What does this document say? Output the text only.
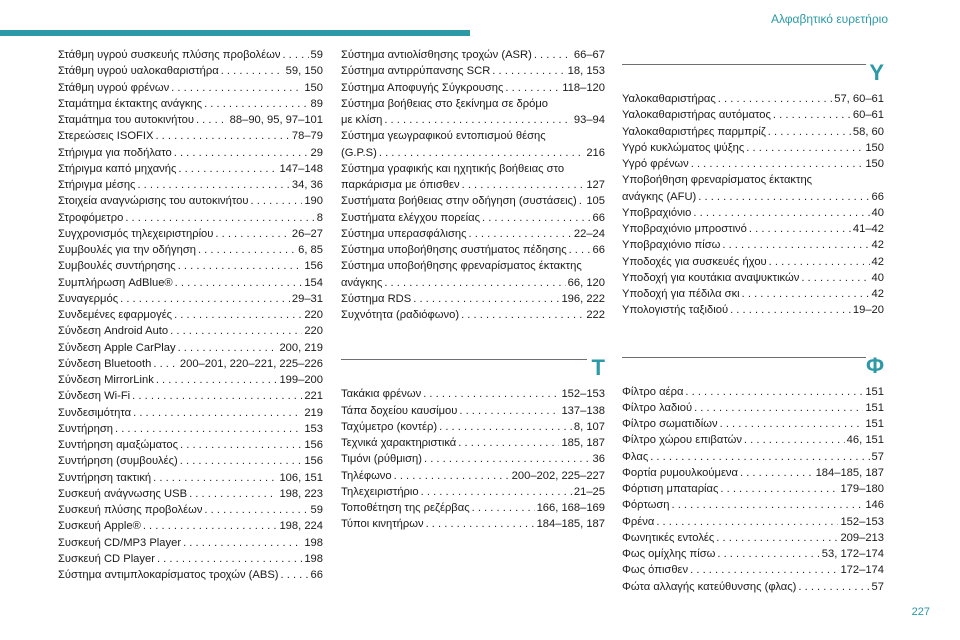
Αλφαβητικό ευρετήριο
Στάθμη υγρού συσκευής πλύσης προβολέων . . .	59
Στάθμη υγρού υαλοκαθαριστήρα . . .	59, 150
Στάθμη υγρού φρένων . . .	150
Σταμάτημα έκτακτης ανάγκης . . .	89
Σταμάτημα του αυτοκινήτου . . .	88–90, 95, 97–101
Στερεώσεις ISOFIX . . .	78–79
Στήριγμα για ποδήλατο . . .	29
Στήριγμα καπό μηχανής . . .	147–148
Στήριγμα μέσης . . .	34, 36
Στοιχεία αναγνώρισης του αυτοκινήτου . . .	190
Στροφόμετρο . . .	8
Συγχρονισμός τηλεχειριστηρίου . . .	26–27
Συμβουλές για την οδήγηση . . .	6, 85
Συμβουλές συντήρησης . . .	156
Συμπλήρωση AdBlue® . . .	154
Συναγερμός . . .	29–31
Συνδεμένες εφαρμογές . . .	220
Σύνδεση Android Auto . . .	220
Σύνδεση Apple CarPlay . . .	200, 219
Σύνδεση Bluetooth . . .	200–201, 220–221, 225–226
Σύνδεση MirrorLink . . .	199–200
Σύνδεση Wi-Fi . . .	221
Συνδεσιμότητα . . .	219
Συντήρηση . . .	153
Συντήρηση αμαξώματος . . .	156
Συντήρηση (συμβουλές) . . .	156
Συντήρηση τακτική . . .	106, 151
Συσκευή ανάγνωσης USB . . .	198, 223
Συσκευή πλύσης προβολέων . . .	59
Συσκευή Apple® . . .	198, 224
Συσκευή CD/MP3 Player . . .	198
Συσκευή CD Player . . .	198
Σύστημα αντιμπλοκαρίσματος τροχών (ABS) . . .	66
Σύστημα αντιολίσθησης τροχών (ASR) . . .	66–67
Σύστημα αντιρρύπανσης SCR . . .	18, 153
Σύστημα Αποφυγής Σύγκρουσης . . .	118–120
Σύστημα βοήθειας στο ξεκίνημα σε δρόμο
με κλίση . . .	93–94
Σύστημα γεωγραφικού εντοπισμού θέσης
(G.P.S) . . .	216
Σύστημα γραφικής και ηχητικής βοήθειας στο
παρκάρισμα με όπισθεν . . .	127
Συστήματα βοήθειας στην οδήγηση (συστάσεις) . . . 105
Συστήματα ελέγχου πορείας . . .	66
Σύστημα υπερασφάλισης . . .	22–24
Σύστημα υποβοήθησης συστήματος πέδησης . . . 66
Σύστημα υποβοήθησης φρεναρίσματος έκτακτης
ανάγκης . . .	66, 120
Σύστημα RDS . . .	196, 222
Συχνότητα (ραδιόφωνο) . . .	222
Τ
Τακάκια φρένων . . .	152–153
Τάπα δοχείου καυσίμου . . .	137–138
Ταχύμετρο (κοντέρ) . . .	8, 107
Τεχνικά χαρακτηριστικά . . .	185, 187
Τιμόνι (ρύθμιση) . . .	36
Τηλέφωνο . . .	200–202, 225–227
Τηλεχειριστήριο . . .	21–25
Τοποθέτηση της ρεζέρβας . . .	166, 168–169
Τύποι κινητήρων . . .	184–185, 187
Υ
Υαλοκαθαριστήρας . . .	57, 60–61
Υαλοκαθαριστήρας αυτόματος . . .	60–61
Υαλοκαθαριστήρες παρμπρίζ . . .	58, 60
Υγρό κυκλώματος ψύξης . . .	150
Υγρό φρένων . . .	150
Υποβοήθηση φρεναρίσματος έκτακτης
ανάγκης (AFU) . . .	66
Υποβραχιόνιο . . .	40
Υποβραχιόνιο μπροστινό . . .	41–42
Υποβραχιόνιο πίσω . . .	42
Υποδοχές για συσκευές ήχου . . .	42
Υποδοχή για κουτάκια αναψυκτικών . . .	40
Υποδοχή για πέδιλα σκι . . .	42
Υπολογιστής ταξιδιού . . .	19–20
Φ
Φίλτρο αέρα . . .	151
Φίλτρο λαδιού . . .	151
Φίλτρο σωματιδίων . . .	151
Φίλτρο χώρου επιβατών . . .	46, 151
Φλας . . .	57
Φορτία ρυμουλκούμενα . . .	184–185, 187
Φόρτιση μπαταρίας . . .	179–180
Φόρτωση . . .	146
Φρένα . . .	152–153
Φωνητικές εντολές . . .	209–213
Φως ομίχλης πίσω . . .	53, 172–174
Φως όπισθεν . . .	172–174
Φώτα αλλαγής κατεύθυνσης (φλας) . . .	57
227
